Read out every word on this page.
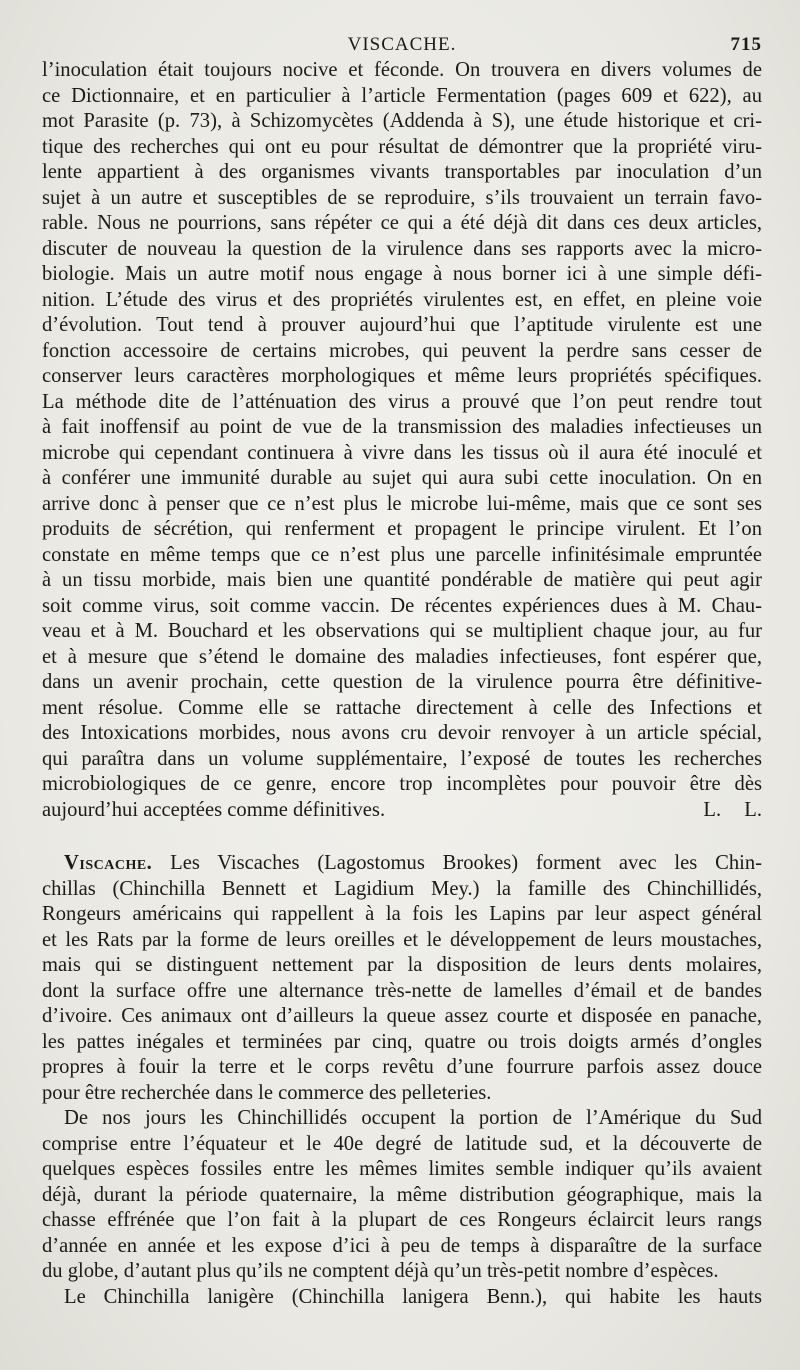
VISCACHE.	715

l’inoculation était toujours nocive et féconde. On trouvera en divers volumes de
ce Dictionnaire, et en particulier à l’article Fermentation (pages 609 et 622), au
mot Parasite (p. 73), à Schizomycètes (Addenda à S), une étude historique et cri-
tique des recherches qui ont eu pour résultat de démontrer que la propriété viru-
lente appartient à des organismes vivants transportables par inoculation d’un
sujet à un autre et susceptibles de se reproduire, s’ils trouvaient un terrain favo-
rable. Nous ne pourrions, sans répéter ce qui a été déjà dit dans ces deux articles,
discuter de nouveau la question de la virulence dans ses rapports avec la micro-
biologie. Mais un autre motif nous engage à nous borner ici à une simple défi-
nition. L’étude des virus et des propriétés virulentes est, en effet, en pleine voie
d’évolution. Tout tend à prouver aujourd’hui que l’aptitude virulente est une
fonction accessoire de certains microbes, qui peuvent la perdre sans cesser de
conserver leurs caractères morphologiques et même leurs propriétés spécifiques.
La méthode dite de l’atténuation des virus a prouvé que l’on peut rendre tout
à fait inoffensif au point de vue de la transmission des maladies infectieuses un
microbe qui cependant continuera à vivre dans les tissus où il aura été inoculé et
à conférer une immunité durable au sujet qui aura subi cette inoculation. On en
arrive donc à penser que ce n’est plus le microbe lui-même, mais que ce sont ses
produits de sécrétion, qui renferment et propagent le principe virulent. Et l’on
constate en même temps que ce n’est plus une parcelle infinitésimale empruntée
à un tissu morbide, mais bien une quantité pondérable de matière qui peut agir
soit comme virus, soit comme vaccin. De récentes expériences dues à M. Chau-
veau et à M. Bouchard et les observations qui se multiplient chaque jour, au fur
et à mesure que s’étend le domaine des maladies infectieuses, font espérer que,
dans un avenir prochain, cette question de la virulence pourra être définitive-
ment résolue. Comme elle se rattache directement à celle des Infections et
des Intoxications morbides, nous avons cru devoir renvoyer à un article spécial,
qui paraîtra dans un volume supplémentaire, l’exposé de toutes les recherches
microbiologiques de ce genre, encore trop incomplètes pour pouvoir être dès
aujourd’hui acceptées comme définitives.	L. L.

Viscache. Les Viscaches (Lagostomus Brookes) forment avec les Chin-
chillas (Chinchilla Bennett et Lagidium Mey.) la famille des Chinchillidés,
Rongeurs américains qui rappellent à la fois les Lapins par leur aspect général
et les Rats par la forme de leurs oreilles et le développement de leurs moustaches,
mais qui se distinguent nettement par la disposition de leurs dents molaires,
dont la surface offre une alternance très-nette de lamelles d’émail et de bandes
d’ivoire. Ces animaux ont d’ailleurs la queue assez courte et disposée en panache,
les pattes inégales et terminées par cinq, quatre ou trois doigts armés d’ongles
propres à fouir la terre et le corps revêtu d’une fourrure parfois assez douce
pour être recherchée dans le commerce des pelleteries.

De nos jours les Chinchillidés occupent la portion de l’Amérique du Sud
comprise entre l’équateur et le 40e degré de latitude sud, et la découverte de
quelques espèces fossiles entre les mêmes limites semble indiquer qu’ils avaient
déjà, durant la période quaternaire, la même distribution géographique, mais la
chasse effrénée que l’on fait à la plupart de ces Rongeurs éclaircit leurs rangs
d’année en année et les expose d’ici à peu de temps à disparaître de la surface
du globe, d’autant plus qu’ils ne comptent déjà qu’un très-petit nombre d’espèces.

Le Chinchilla lanigère (Chinchilla lanigera Benn.), qui habite les hauts
